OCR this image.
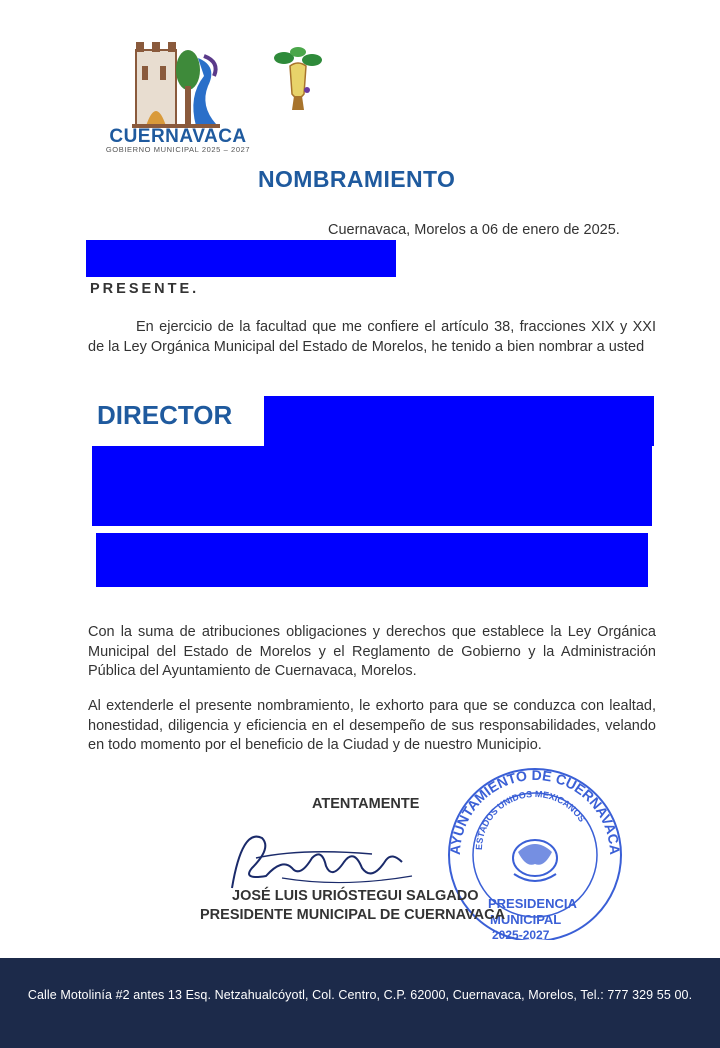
CUERNAVACA
GOBIERNO MUNICIPAL 2025 – 2027
NOMBRAMIENTO
Cuernavaca, Morelos a 06 de enero de 2025.
PRESENTE.
En ejercicio de la facultad que me confiere el artículo 38, fracciones XIX y XXI de la Ley Orgánica Municipal del Estado de Morelos, he tenido a bien nombrar a usted
DIRECTOR
Con la suma de atribuciones obligaciones y derechos que establece la Ley Orgánica Municipal del Estado de Morelos y el Reglamento de Gobierno y la Administración Pública del Ayuntamiento de Cuernavaca, Morelos.
Al extenderle el presente nombramiento, le exhorto para que se conduzca con lealtad, honestidad, diligencia y eficiencia en el desempeño de sus responsabilidades, velando en todo momento por el beneficio de la Ciudad y de nuestro Municipio.
ATENTAMENTE
AYUNTAMIENTO DE CUERNAVACA
ESTADOS UNIDOS MEXICANOS
PRESIDENCIA
MUNICIPAL
2025-2027
JOSÉ LUIS URIÓSTEGUI SALGADO
PRESIDENTE MUNICIPAL DE CUERNAVACA
Calle Motolinía #2 antes 13 Esq. Netzahualcóyotl, Col. Centro, C.P. 62000, Cuernavaca, Morelos, Tel.: 777 329 55 00.
